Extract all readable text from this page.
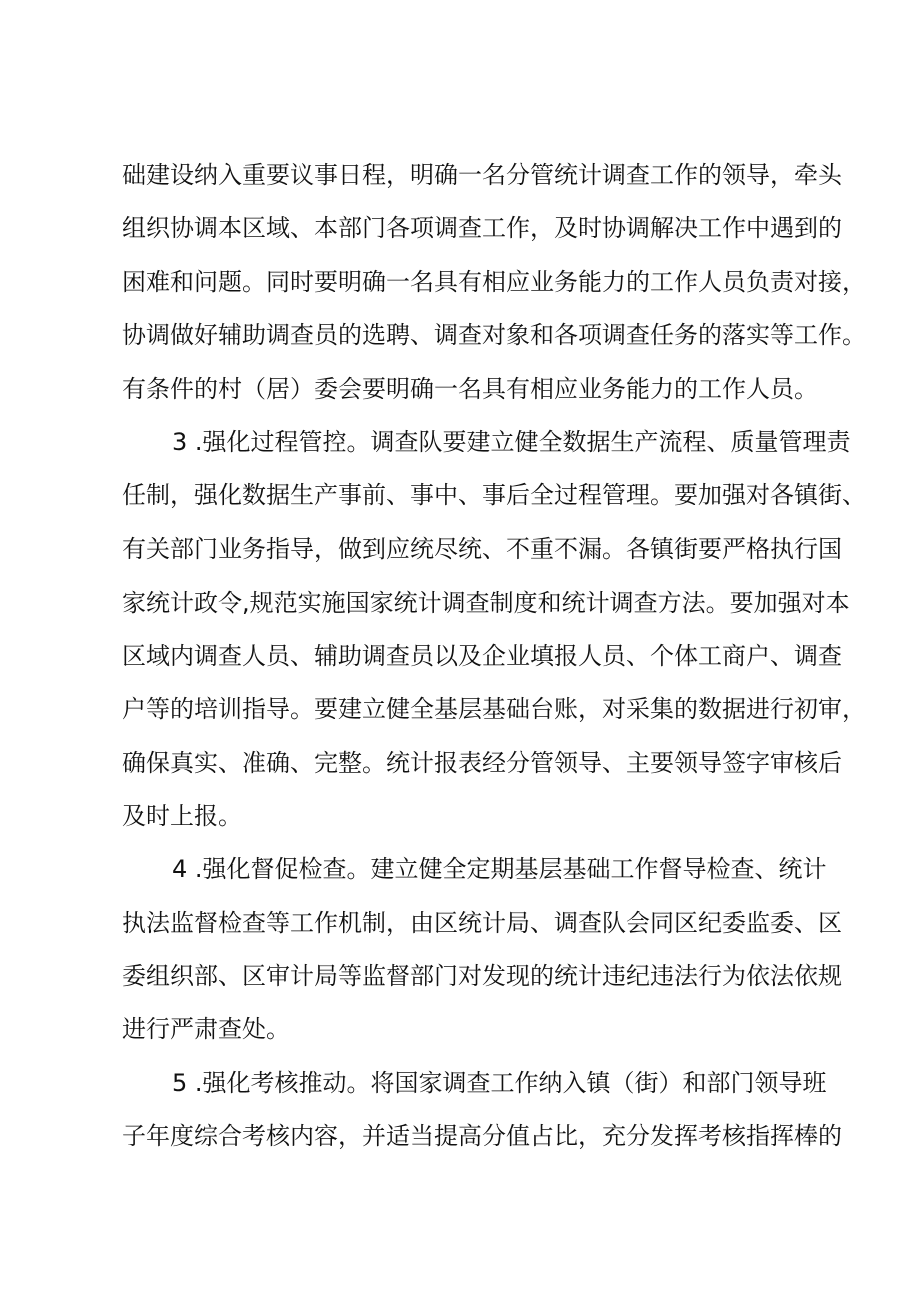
础建设纳入重要议事日程，明确一名分管统计调查工作的领导，牵头

组织协调本区域、本部门各项调查工作，及时协调解决工作中遇到的

困难和问题。同时要明确一名具有相应业务能力的工作人员负责对接，

协调做好辅助调查员的选聘、调查对象和各项调查任务的落实等工作。

有条件的村（居）委会要明确一名具有相应业务能力的工作人员。

3 .强化过程管控。调查队要建立健全数据生产流程、质量管理责

任制，强化数据生产事前、事中、事后全过程管理。要加强对各镇街、

有关部门业务指导，做到应统尽统、不重不漏。各镇街要严格执行国

家统计政令,规范实施国家统计调查制度和统计调查方法。要加强对本

区域内调查人员、辅助调查员以及企业填报人员、个体工商户、调查

户等的培训指导。要建立健全基层基础台账，对采集的数据进行初审，

确保真实、准确、完整。统计报表经分管领导、主要领导签字审核后

及时上报。

4 .强化督促检查。建立健全定期基层基础工作督导检查、统计

执法监督检查等工作机制，由区统计局、调查队会同区纪委监委、区

委组织部、区审计局等监督部门对发现的统计违纪违法行为依法依规

进行严肃查处。

5 .强化考核推动。将国家调查工作纳入镇（街）和部门领导班

子年度综合考核内容，并适当提高分值占比，充分发挥考核指挥棒的
